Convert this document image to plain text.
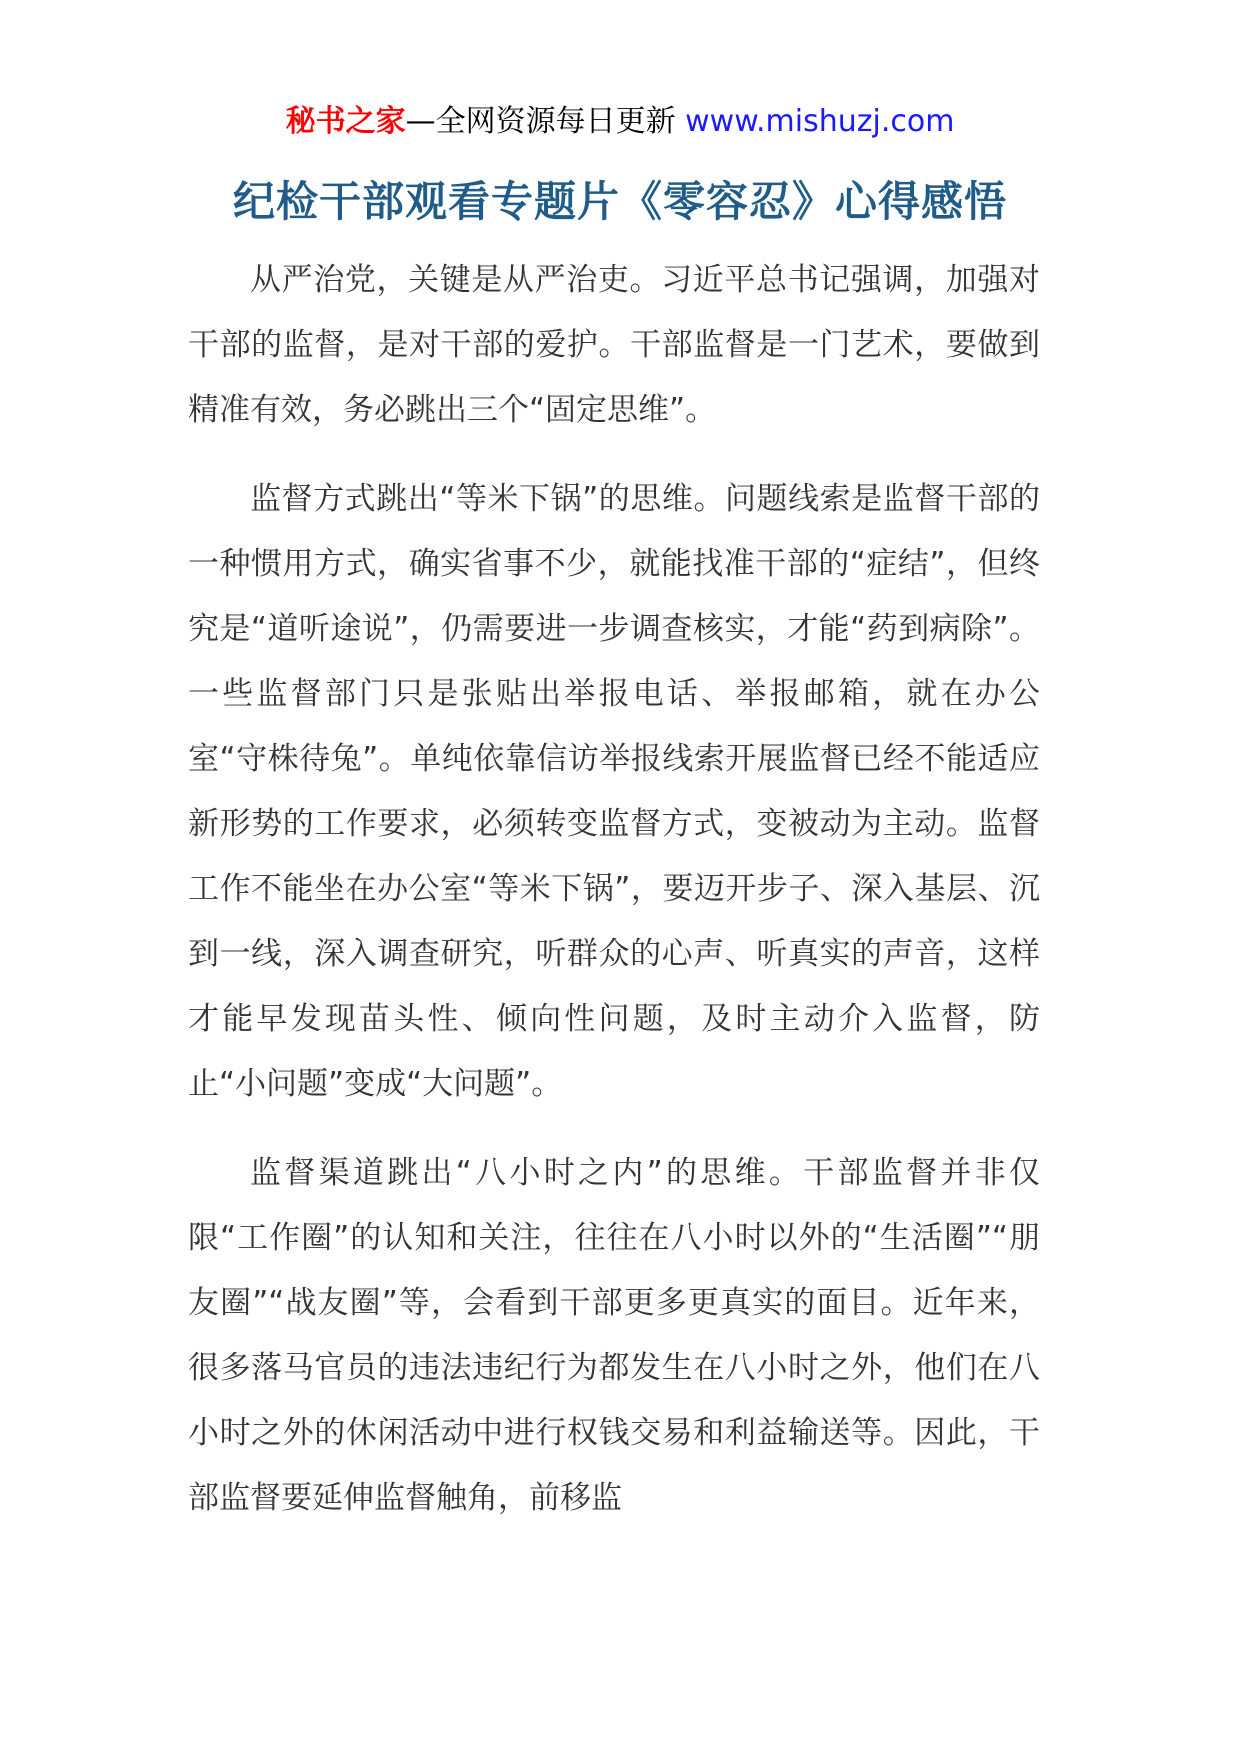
秘书之家—全网资源每日更新 www.mishuzj.com
纪检干部观看专题片《零容忍》心得感悟

从严治党，关键是从严治吏。习近平总书记强调，加强对干部的监督，是对干部的爱护。干部监督是一门艺术，要做到精准有效，务必跳出三个“固定思维”。

监督方式跳出“等米下锅”的思维。问题线索是监督干部的一种惯用方式，确实省事不少，就能找准干部的“症结”，但终究是“道听途说”，仍需要进一步调查核实，才能“药到病除”。一些监督部门只是张贴出举报电话、举报邮箱，就在办公室“守株待兔”。单纯依靠信访举报线索开展监督已经不能适应新形势的工作要求，必须转变监督方式，变被动为主动。监督工作不能坐在办公室“等米下锅”，要迈开步子、深入基层、沉到一线，深入调查研究，听群众的心声、听真实的声音，这样才能早发现苗头性、倾向性问题，及时主动介入监督，防止“小问题”变成“大问题”。

监督渠道跳出“八小时之内”的思维。干部监督并非仅限“工作圈”的认知和关注，往往在八小时以外的“生活圈”“朋友圈”“战友圈”等，会看到干部更多更真实的面目。近年来，很多落马官员的违法违纪行为都发生在八小时之外，他们在八小时之外的休闲活动中进行权钱交易和利益输送等。因此，干部监督要延伸监督触角，前移监
